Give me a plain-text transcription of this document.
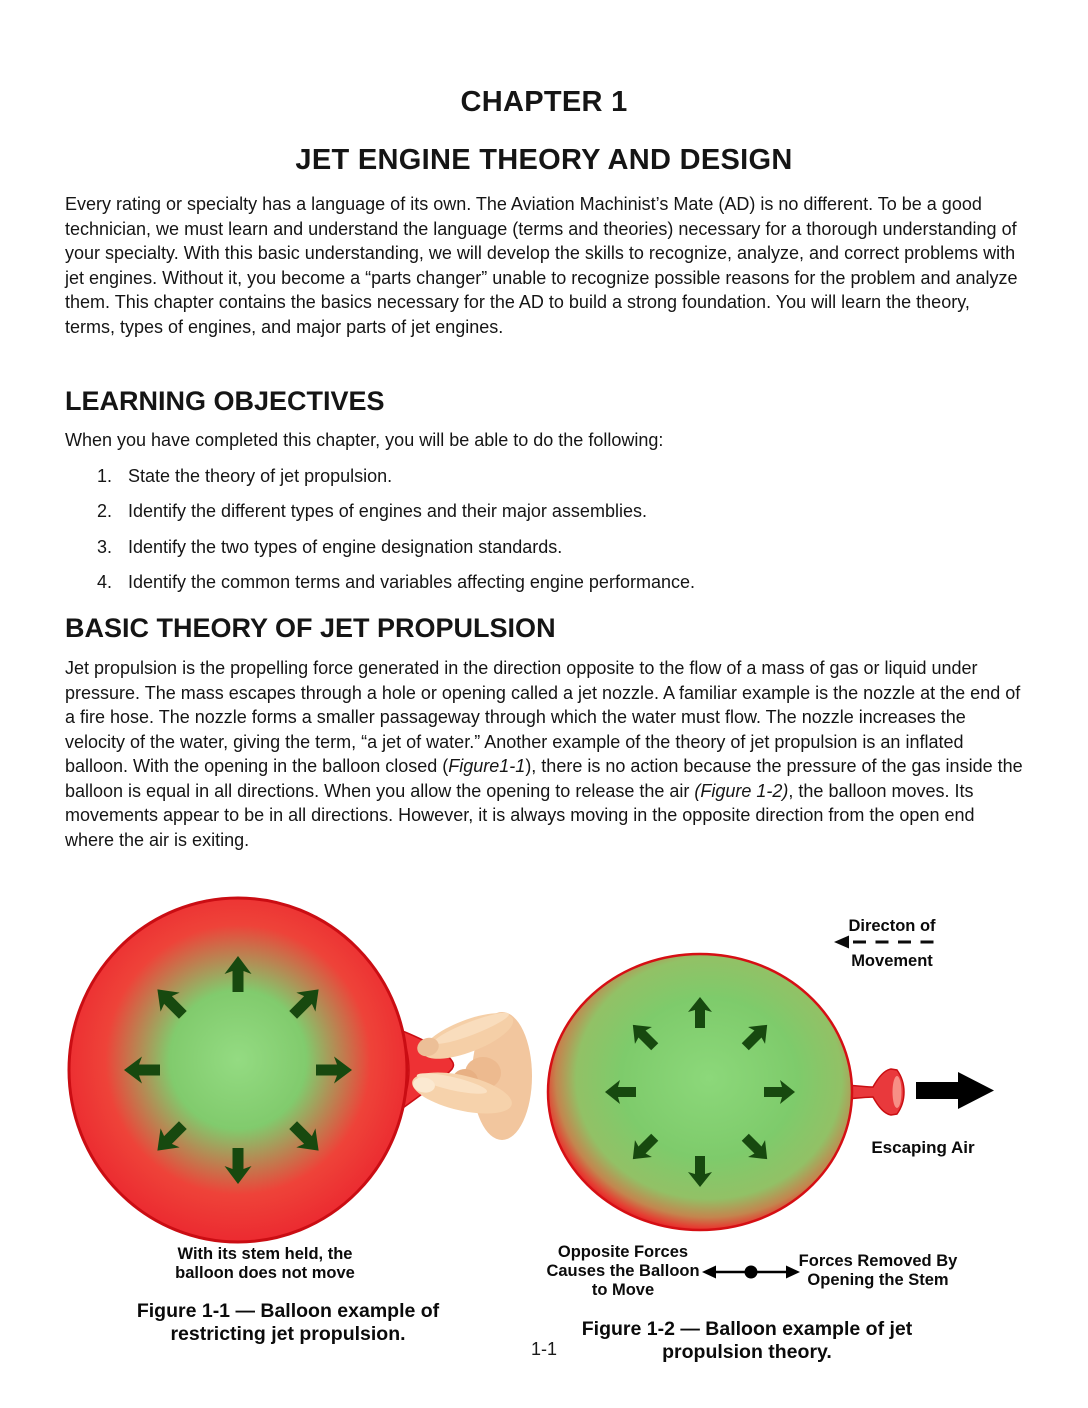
CHAPTER 1
JET ENGINE THEORY AND DESIGN
Every rating or specialty has a language of its own. The Aviation Machinist’s Mate (AD) is no different. To be a good technician, we must learn and understand the language (terms and theories) necessary for a thorough understanding of your specialty. With this basic understanding, we will develop the skills to recognize, analyze, and correct problems with jet engines. Without it, you become a “parts changer” unable to recognize possible reasons for the problem and analyze them. This chapter contains the basics necessary for the AD to build a strong foundation. You will learn the theory, terms, types of engines, and major parts of jet engines.
LEARNING OBJECTIVES
When you have completed this chapter, you will be able to do the following:
1. State the theory of jet propulsion.
2. Identify the different types of engines and their major assemblies.
3. Identify the two types of engine designation standards.
4. Identify the common terms and variables affecting engine performance.
BASIC THEORY OF JET PROPULSION
Jet propulsion is the propelling force generated in the direction opposite to the flow of a mass of gas or liquid under pressure. The mass escapes through a hole or opening called a jet nozzle. A familiar example is the nozzle at the end of a fire hose. The nozzle forms a smaller passageway through which the water must flow. The nozzle increases the velocity of the water, giving the term, “a jet of water.” Another example of the theory of jet propulsion is an inflated balloon. With the opening in the balloon closed (Figure1-1), there is no action because the pressure of the gas inside the balloon is equal in all directions. When you allow the opening to release the air (Figure 1-2), the balloon moves. Its movements appear to be in all directions. However, it is always moving in the opposite direction from the open end where the air is exiting.
Directon of
Movement
Escaping Air
With its stem held, the
balloon does not move
Opposite Forces
Causes the Balloon
to Move
Forces Removed By
Opening the Stem
Figure 1-1 — Balloon example of
restricting jet propulsion.	Figure 1-2 — Balloon example of jet
propulsion theory.
1-1
